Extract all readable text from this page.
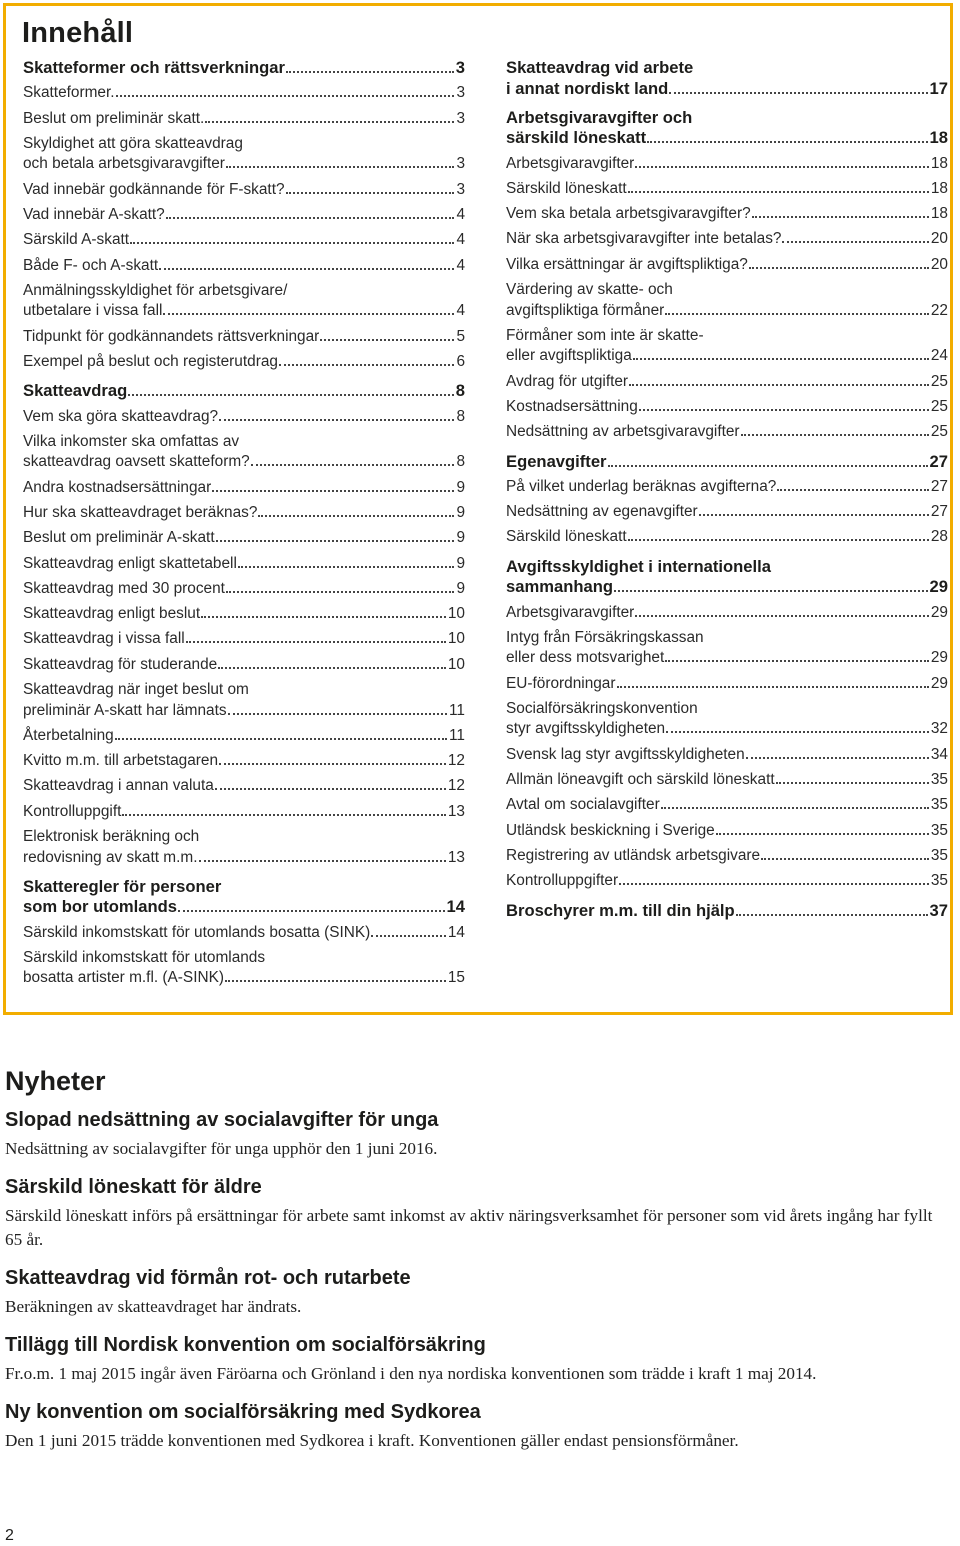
Innehåll
Skatteformer och rättsverkningar	3
Skatteformer.	3
Beslut om preliminär skatt.	3
Skyldighet att göra skatteavdrag
och betala arbetsgivaravgifter	3
Vad innebär godkännande för F-skatt?	3
Vad innebär A-skatt?	4
Särskild A-skatt	4
Både F- och A-skatt	4
Anmälningsskyldighet för arbetsgivare/
utbetalare i vissa fall	4
Tidpunkt för godkännandets rättsverkningar	5
Exempel på beslut och registerutdrag	6
Skatteavdrag	8
Vem ska göra skatteavdrag?	8
Vilka inkomster ska omfattas av
skatteavdrag oavsett skatteform?	8
Andra kostnadsersättningar	9
Hur ska skatteavdraget beräknas?	9
Beslut om preliminär A-skatt	9
Skatteavdrag enligt skattetabell	9
Skatteavdrag med 30 procent	9
Skatteavdrag enligt beslut	10
Skatteavdrag i vissa fall	10
Skatteavdrag för studerande	10
Skatteavdrag när inget beslut om
preliminär A-skatt har lämnats	11
Återbetalning	11
Kvitto m.m. till arbetstagaren	12
Skatteavdrag i annan valuta	12
Kontrolluppgift	13
Elektronisk beräkning och
redovisning av skatt m.m.	13
Skatteregler för personer
som bor utomlands	14
Särskild inkomstskatt för utomlands bosatta (SINK)	14
Särskild inkomstskatt för utomlands
bosatta artister m.fl. (A-SINK)	15
Skatteavdrag vid arbete
i annat nordiskt land	17
Arbetsgivaravgifter och
särskild löneskatt	18
Arbetsgivaravgifter	18
Särskild löneskatt	18
Vem ska betala arbetsgivaravgifter?	18
När ska arbetsgivaravgifter inte betalas?	20
Vilka ersättningar är avgiftspliktiga?	20
Värdering av skatte- och
avgiftspliktiga förmåner	22
Förmåner som inte är skatte-
eller avgiftspliktiga	24
Avdrag för utgifter	25
Kostnadsersättning	25
Nedsättning av arbetsgivaravgifter	25
Egenavgifter	27
På vilket underlag beräknas avgifterna?	27
Nedsättning av egenavgifter	27
Särskild löneskatt	28
Avgiftsskyldighet i internationella
sammanhang	29
Arbetsgivaravgifter	29
Intyg från Försäkringskassan
eller dess motsvarighet	29
EU-förordningar	29
Socialförsäkringskonvention
styr avgiftsskyldigheten	32
Svensk lag styr avgiftsskyldigheten	34
Allmän löneavgift och särskild löneskatt	35
Avtal om socialavgifter	35
Utländsk beskickning i Sverige	35
Registrering av utländsk arbetsgivare	35
Kontrolluppgifter	35
Broschyrer m.m. till din hjälp	37
Nyheter
Slopad nedsättning av socialavgifter för unga

Nedsättning av socialavgifter för unga upphör den 1 juni 2016.

Särskild löneskatt för äldre

Särskild löneskatt införs på ersättningar för arbete samt inkomst av aktiv näringsverksamhet för personer som vid årets ingång har fyllt 65 år.

Skatteavdrag vid förmån rot- och rutarbete

Beräkningen av skatteavdraget har ändrats.

Tillägg till Nordisk konvention om socialförsäkring

Fr.o.m. 1 maj 2015 ingår även Färöarna och Grönland i den nya nordiska konventionen som trädde i kraft 1 maj 2014.

Ny konvention om socialförsäkring med Sydkorea

Den 1 juni 2015 trädde konventionen med Sydkorea i kraft. Konventionen gäller endast pensionsförmåner.

2
